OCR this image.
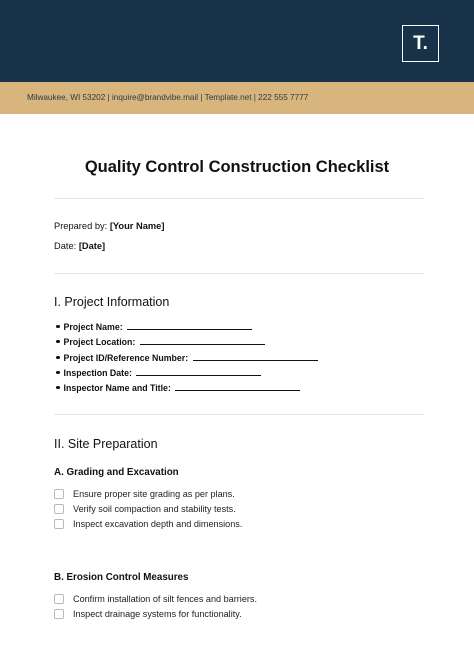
T.
Milwaukee, WI 53202 | inquire@brandvibe.mail | Template.net | 222 555 7777
Quality Control Construction Checklist
Prepared by: [Your Name]
Date: [Date]
I. Project Information
Project Name:
Project Location:
Project ID/Reference Number:
Inspection Date:
Inspector Name and Title:
II. Site Preparation
A. Grading and Excavation
Ensure proper site grading as per plans.
Verify soil compaction and stability tests.
Inspect excavation depth and dimensions.
B. Erosion Control Measures
Confirm installation of silt fences and barriers.
Inspect drainage systems for functionality.
